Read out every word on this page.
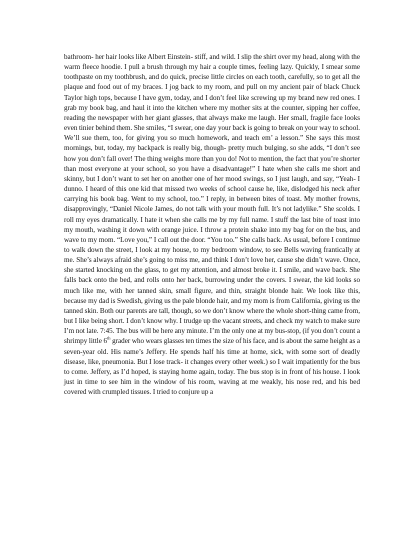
bathroom- her hair looks like Albert Einstein- stiff, and wild. I slip the shirt over my head, along with the warm fleece hoodie. I pull a brush through my hair a couple times, feeling lazy. Quickly, I smear some toothpaste on my toothbrush, and do quick, precise little circles on each tooth, carefully, so to get all the plaque and food out of my braces. I jog back to my room, and pull on my ancient pair of black Chuck Taylor high tops, because I have gym, today, and I don’t feel like screwing up my brand new red ones. I grab my book bag, and haul it into the kitchen where my mother sits at the counter, sipping her coffee, reading the newspaper with her giant glasses, that always make me laugh. Her small, fragile face looks even tinier behind them. She smiles, “I swear, one day your back is going to break on your way to school. We’ll sue them, too, for giving you so much homework, and teach em’ a lesson.” She says this most mornings, but, today, my backpack is really big, though- pretty much bulging, so she adds, “I don’t see how you don’t fall over! The thing weighs more than you do! Not to mention, the fact that you’re shorter than most everyone at your school, so you have a disadvantage!” I hate when she calls me short and skinny, but I don’t want to set her on another one of her mood swings, so I just laugh, and say, “Yeah- I dunno. I heard of this one kid that missed two weeks of school cause he, like, dislodged his neck after carrying his book bag. Went to my school, too.” I reply, in between bites of toast. My mother frowns, disapprovingly, “Daniel Nicole James, do not talk with your mouth full. It’s not ladylike.” She scolds. I roll my eyes dramatically. I hate it when she calls me by my full name. I stuff the last bite of toast into my mouth, washing it down with orange juice. I throw a protein shake into my bag for on the bus, and wave to my mom. “Love you,” I call out the door. “You too.” She calls back. As usual, before I continue to walk down the street, I look at my house, to my bedroom window, to see Bells waving frantically at me. She’s always afraid she’s going to miss me, and think I don’t love her, cause she didn’t wave. Once, she started knocking on the glass, to get my attention, and almost broke it. I smile, and wave back. She falls back onto the bed, and rolls onto her back, burrowing under the covers. I swear, the kid looks so much like me, with her tanned skin, small figure, and thin, straight blonde hair. We look like this, because my dad is Swedish, giving us the pale blonde hair, and my mom is from California, giving us the tanned skin. Both our parents are tall, though, so we don’t know where the whole short-thing came from, but I like being short. I don’t know why. I trudge up the vacant streets, and check my watch to make sure I’m not late. 7:45. The bus will be here any minute. I’m the only one at my bus-stop, (if you don’t count a shrimpy little 6th grader who wears glasses ten times the size of his face, and is about the same height as a seven-year old. His name’s Jeffery. He spends half his time at home, sick, with some sort of deadly disease, like, pneumonia. But I lose track- it changes every other week.) so I wait impatiently for the bus to come. Jeffery, as I’d hoped, is staying home again, today. The bus stop is in front of his house. I look just in time to see him in the window of his room, waving at me weakly, his nose red, and his bed covered with crumpled tissues. I tried to conjure up a
